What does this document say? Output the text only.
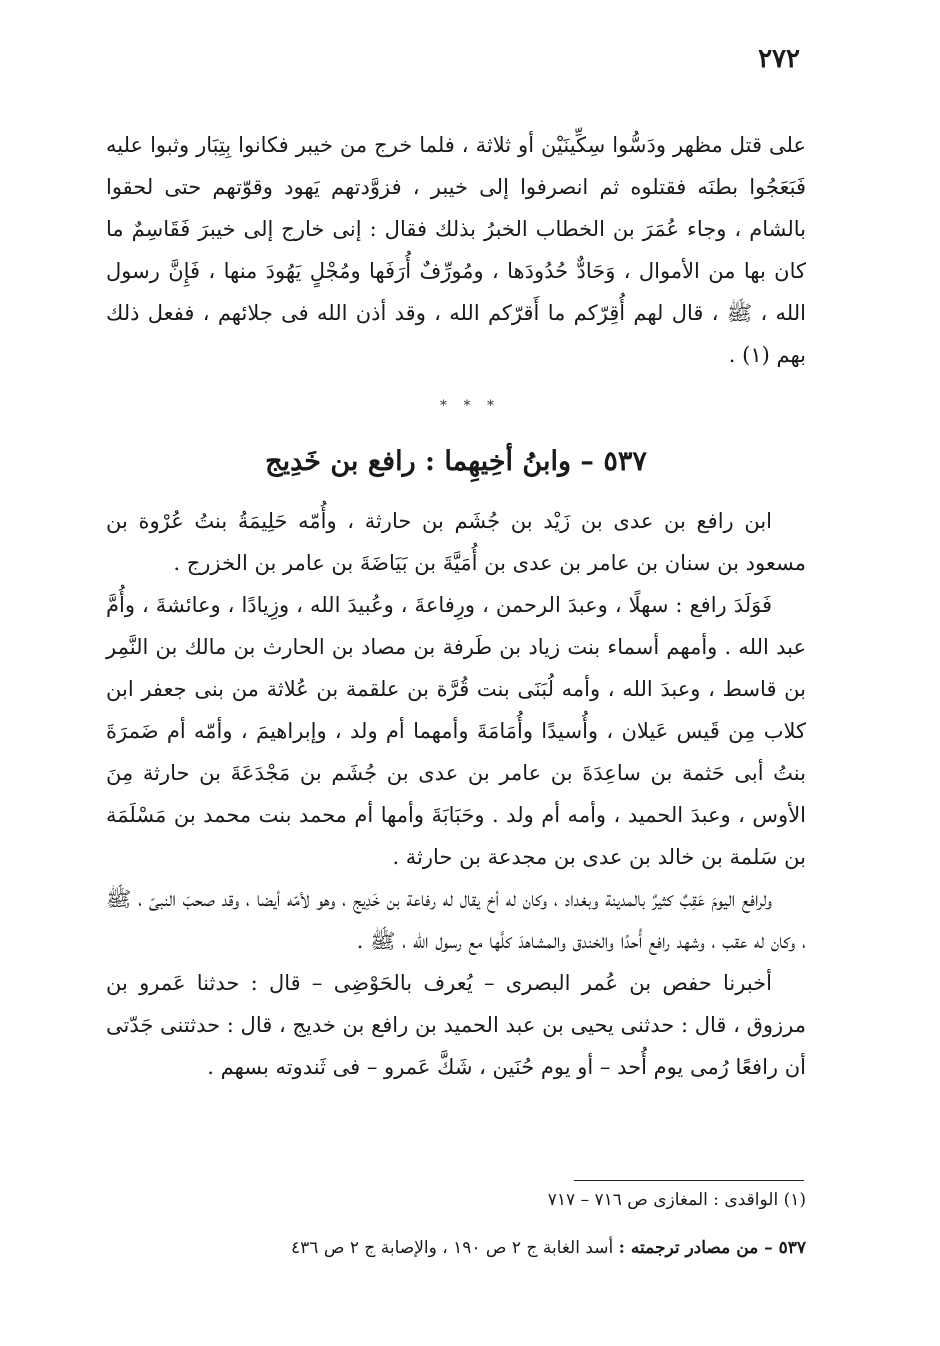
٢٧٢

على قتل مظهر ودَسُّوا سِكِّينَيْن أو ثلاثة ، فلما خرج من خيبر فكانوا بِتِبَار وثبوا عليه فَبَعَجُوا بطنَه فقتلوه ثم انصرفوا إلى خيبر ، فزوَّدتهم يَهود وقوّتهم حتى لحقوا بالشام ، وجاء عُمَرَ بن الخطاب الخبرُ بذلك فقال : إنى خارج إلى خيبرَ فَقَاسِمٌ ما كان بها من الأموال ، وَحَادٌّ حُدُودَها ، ومُورِّفٌ أُرَفَها ومُجْلٍ يَهُودَ منها ، فَإِنَّ رسول الله ، ﷺ ، قال لهم أُقِرّكم ما أَقرّكم الله ، وقد أذن الله فى جلائهم ، ففعل ذلك بهم (١) .

* * *
٥٣٧ – وابنُ أخِيهِما : رافع بن خَدِيج

ابن رافع بن عدى بن زَيْد بن جُشَم بن حارثة ، وأُمّه حَلِيمَةُ بنتُ عُرْوة بن مسعود بن سنان بن عامر بن عدى بن أُمَيَّةَ بن بَيَاضَةَ بن عامر بن الخزرج .

فَوَلَدَ رافع : سهلًا ، وعبدَ الرحمن ، ورِفاعةَ ، وعُبيدَ الله ، وزِيادًا ، وعائشةَ ، وأُمَّ عبد الله . وأمهم أسماء بنت زياد بن طَرفة بن مصاد بن الحارث بن مالك بن النَّمِر بن قاسط ، وعبدَ الله ، وأمه لُبَنَى بنت قُرَّة بن علقمة بن عُلاثة من بنى جعفر ابن كلاب مِن قَيس عَيلان ، وأُسيدًا وأُمَامَةَ وأمهما أم ولد ، وإبراهيمَ ، وأمّه أم ضَمرَةَ بنتُ أبى حَثمة بن ساعِدَةَ بن عامر بن عدى بن جُشَم بن مَجْدَعَةَ بن حارثة مِنَ الأوس ، وعبدَ الحميد ، وأمه أم ولد . وحَبَابَةَ وأمها أم محمد بنت محمد بن مَسْلَمَة بن سَلمة بن خالد بن عدى بن مجدعة بن حارثة .

ولرافع اليومَ عَقِبٌ كثيرٌ بالمدينة وبغداد ، وكان له أخ يقال له رفاعة بن خَدِيج ، وهو لأمّه أيضا ، وقد صحبَ النبىّ ، ﷺ ، وكان له عقب ، وشهد رافع أُحدًا والخندق والمشاهدَ كلَّها مع رسول الله ، ﷺ .

أخبرنا حفص بن عُمر البصرى – يُعرف بالحَوْضِى – قال : حدثنا عَمرو بن مرزوق ، قال : حدثنى يحيى بن عبد الحميد بن رافع بن خديج ، قال : حدثتنى جَدّتى أن رافعًا رُمى يوم أُحد – أو يوم حُنَين ، شَكَّ عَمرو – فى ثَندوته بسهم .

(١) الواقدى : المغازى ص ٧١٦ – ٧١٧
٥٣٧ – من مصادر ترجمته : أسد الغابة ج ٢ ص ١٩٠ ، والإصابة ج ٢ ص ٤٣٦
